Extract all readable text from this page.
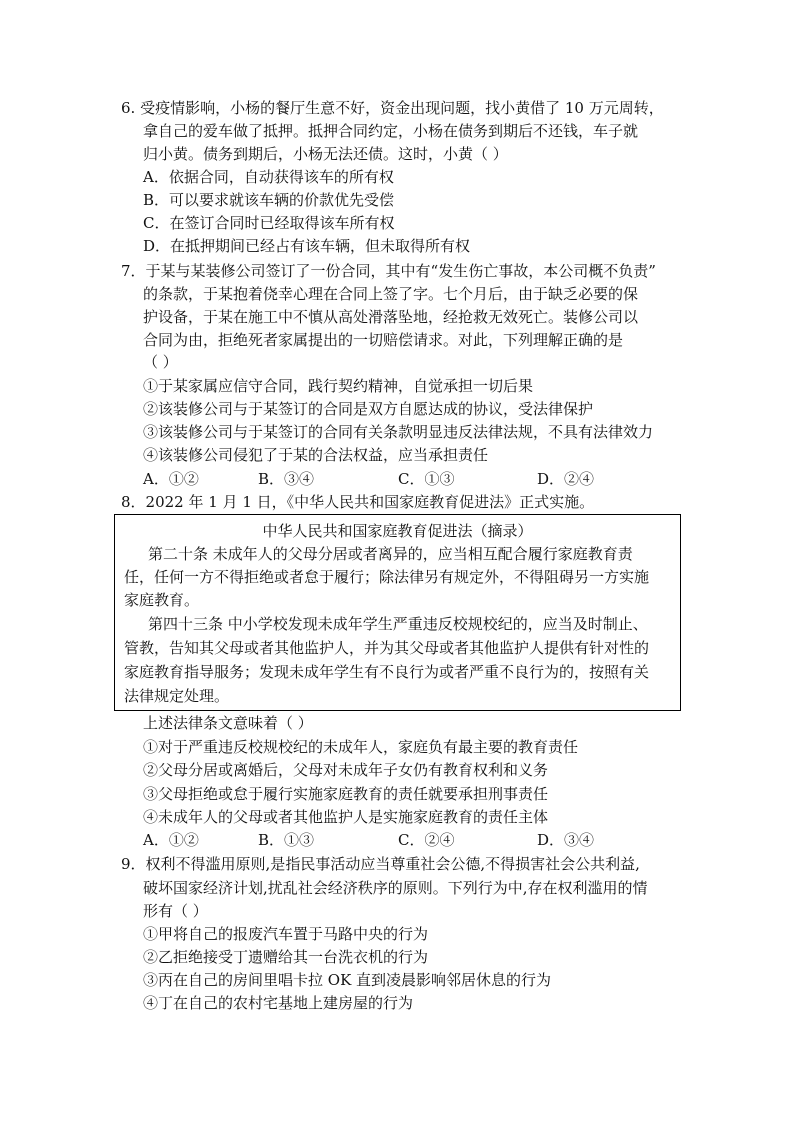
6. 受疫情影响，小杨的餐厅生意不好，资金出现问题，找小黄借了 10 万元周转，
拿自己的爱车做了抵押。抵押合同约定，小杨在债务到期后不还钱，车子就
归小黄。债务到期后，小杨无法还债。这时，小黄（ ）
A．依据合同，自动获得该车的所有权
B．可以要求就该车辆的价款优先受偿
C．在签订合同时已经取得该车所有权
D．在抵押期间已经占有该车辆，但未取得所有权
7．于某与某装修公司签订了一份合同，其中有“发生伤亡事故，本公司概不负责”
的条款，于某抱着侥幸心理在合同上签了字。七个月后，由于缺乏必要的保
护设备，于某在施工中不慎从高处滑落坠地，经抢救无效死亡。装修公司以
合同为由，拒绝死者家属提出的一切赔偿请求。对此，下列理解正确的是
（ ）
①于某家属应信守合同，践行契约精神，自觉承担一切后果
②该装修公司与于某签订的合同是双方自愿达成的协议，受法律保护
③该装修公司与于某签订的合同有关条款明显违反法律法规，不具有法律效力
④该装修公司侵犯了于某的合法权益，应当承担责任
A．①②	B．③④	C．①③	D．②④
8．2022 年 1 月 1 日，《中华人民共和国家庭教育促进法》正式实施。
中华人民共和国家庭教育促进法（摘录）
第二十条 未成年人的父母分居或者离异的，应当相互配合履行家庭教育责
任，任何一方不得拒绝或者怠于履行；除法律另有规定外，不得阻碍另一方实施
家庭教育。
第四十三条 中小学校发现未成年学生严重违反校规校纪的，应当及时制止、
管教，告知其父母或者其他监护人，并为其父母或者其他监护人提供有针对性的
家庭教育指导服务；发现未成年学生有不良行为或者严重不良行为的，按照有关
法律规定处理。
上述法律条文意味着（ ）
①对于严重违反校规校纪的未成年人，家庭负有最主要的教育责任
②父母分居或离婚后，父母对未成年子女仍有教育权利和义务
③父母拒绝或怠于履行实施家庭教育的责任就要承担刑事责任
④未成年人的父母或者其他监护人是实施家庭教育的责任主体
A．①②	B．①③	C．②④	D．③④
9．权利不得滥用原则,是指民事活动应当尊重社会公德,不得损害社会公共利益,
破坏国家经济计划,扰乱社会经济秩序的原则。下列行为中,存在权利滥用的情
形有（ ）
①甲将自己的报废汽车置于马路中央的行为
②乙拒绝接受丁遗赠给其一台洗衣机的行为
③丙在自己的房间里唱卡拉 OK 直到凌晨影响邻居休息的行为
④丁在自己的农村宅基地上建房屋的行为
